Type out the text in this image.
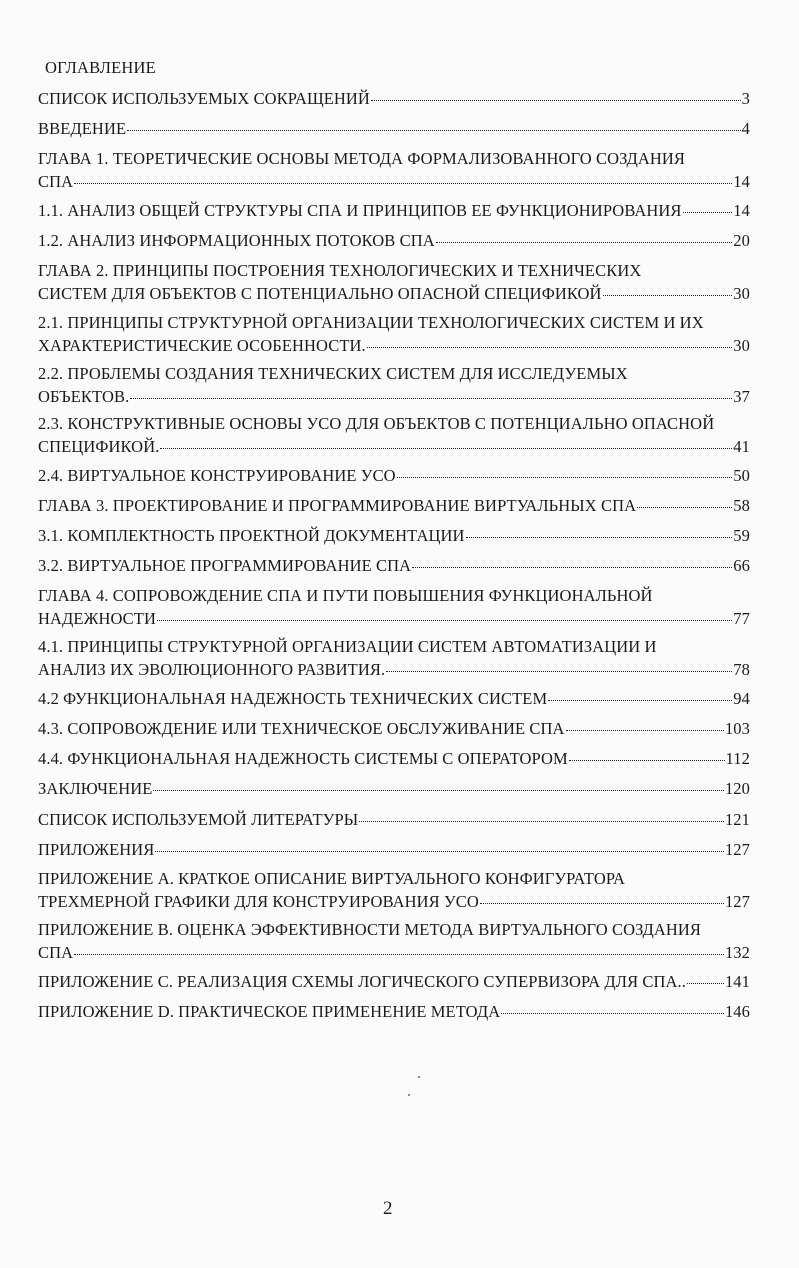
ОГЛАВЛЕНИЕ
СПИСОК ИСПОЛЬЗУЕМЫХ СОКРАЩЕНИЙ	3
ВВЕДЕНИЕ	4
ГЛАВА 1. ТЕОРЕТИЧЕСКИЕ ОСНОВЫ МЕТОДА ФОРМАЛИЗОВАННОГО СОЗДАНИЯ
СПА	14
1.1. АНАЛИЗ ОБЩЕЙ СТРУКТУРЫ СПА И ПРИНЦИПОВ ЕЕ ФУНКЦИОНИРОВАНИЯ	14
1.2. АНАЛИЗ ИНФОРМАЦИОННЫХ ПОТОКОВ СПА	20
ГЛАВА 2. ПРИНЦИПЫ ПОСТРОЕНИЯ ТЕХНОЛОГИЧЕСКИХ И ТЕХНИЧЕСКИХ
СИСТЕМ ДЛЯ ОБЪЕКТОВ С ПОТЕНЦИАЛЬНО ОПАСНОЙ СПЕЦИФИКОЙ	30
2.1. ПРИНЦИПЫ СТРУКТУРНОЙ ОРГАНИЗАЦИИ ТЕХНОЛОГИЧЕСКИХ СИСТЕМ И ИХ
ХАРАКТЕРИСТИЧЕСКИЕ ОСОБЕННОСТИ.	30
2.2. ПРОБЛЕМЫ СОЗДАНИЯ ТЕХНИЧЕСКИХ СИСТЕМ ДЛЯ ИССЛЕДУЕМЫХ
ОБЪЕКТОВ.	37
2.3. КОНСТРУКТИВНЫЕ ОСНОВЫ УСО ДЛЯ ОБЪЕКТОВ С ПОТЕНЦИАЛЬНО ОПАСНОЙ
СПЕЦИФИКОЙ.	41
2.4. ВИРТУАЛЬНОЕ КОНСТРУИРОВАНИЕ УСО	50
ГЛАВА 3. ПРОЕКТИРОВАНИЕ И ПРОГРАММИРОВАНИЕ ВИРТУАЛЬНЫХ СПА	58
3.1. КОМПЛЕКТНОСТЬ ПРОЕКТНОЙ ДОКУМЕНТАЦИИ	59
3.2. ВИРТУАЛЬНОЕ ПРОГРАММИРОВАНИЕ СПА	66
ГЛАВА 4. СОПРОВОЖДЕНИЕ СПА И ПУТИ ПОВЫШЕНИЯ ФУНКЦИОНАЛЬНОЙ
НАДЕЖНОСТИ	77
4.1. ПРИНЦИПЫ СТРУКТУРНОЙ ОРГАНИЗАЦИИ СИСТЕМ АВТОМАТИЗАЦИИ И
АНАЛИЗ ИХ ЭВОЛЮЦИОННОГО РАЗВИТИЯ.	78
4.2 ФУНКЦИОНАЛЬНАЯ НАДЕЖНОСТЬ ТЕХНИЧЕСКИХ СИСТЕМ	94
4.3. СОПРОВОЖДЕНИЕ ИЛИ ТЕХНИЧЕСКОЕ ОБСЛУЖИВАНИЕ СПА	103
4.4. ФУНКЦИОНАЛЬНАЯ НАДЕЖНОСТЬ СИСТЕМЫ С ОПЕРАТОРОМ	112
ЗАКЛЮЧЕНИЕ	120
СПИСОК ИСПОЛЬЗУЕМОЙ ЛИТЕРАТУРЫ	121
ПРИЛОЖЕНИЯ	127
ПРИЛОЖЕНИЕ А. КРАТКОЕ ОПИСАНИЕ ВИРТУАЛЬНОГО КОНФИГУРАТОРА
ТРЕХМЕРНОЙ ГРАФИКИ ДЛЯ КОНСТРУИРОВАНИЯ УСО	127
ПРИЛОЖЕНИЕ В. ОЦЕНКА ЭФФЕКТИВНОСТИ МЕТОДА ВИРТУАЛЬНОГО СОЗДАНИЯ
СПА	132
ПРИЛОЖЕНИЕ С. РЕАЛИЗАЦИЯ СХЕМЫ ЛОГИЧЕСКОГО СУПЕРВИЗОРА ДЛЯ СПА.. 141
ПРИЛОЖЕНИЕ D. ПРАКТИЧЕСКОЕ ПРИМЕНЕНИЕ МЕТОДА	146
2
